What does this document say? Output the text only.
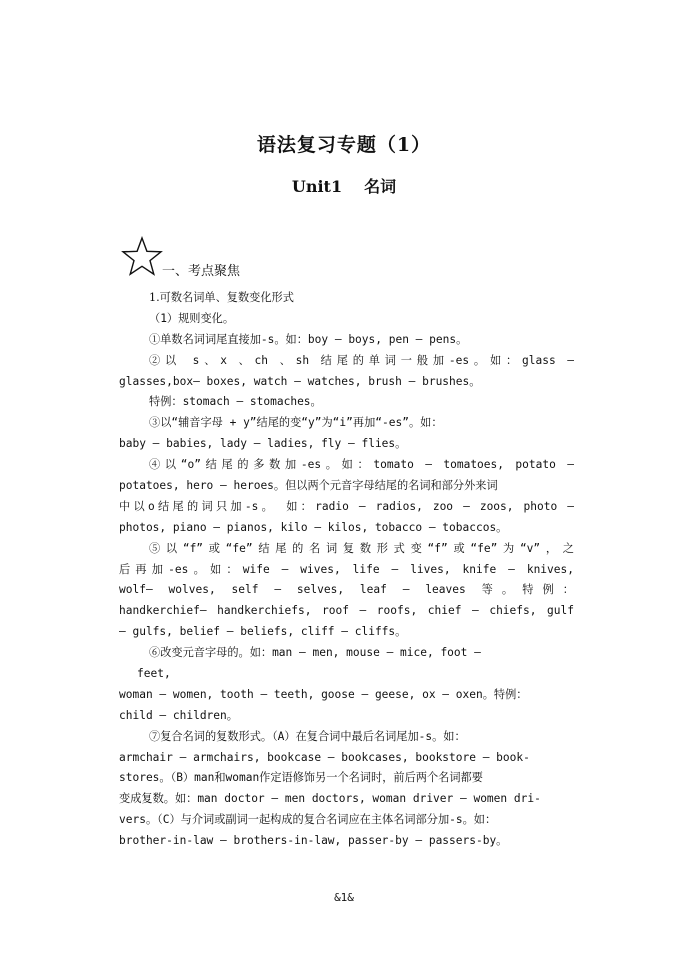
语法复习专题（1）
Unit1 名词
一、考点聚焦
1.可数名词单、复数变化形式
（1）规则变化。
①单数名词词尾直接加-s。如：boy — boys, pen — pens。
②以 s、x 、ch 、sh 结尾的单词一般加-es。如：glass —
glasses,box— boxes, watch — watches, brush — brushes。
特例：stomach — stomaches。
③以“辅音字母 + y”结尾的变“y”为“i”再加“-es”。如：
baby — babies, lady — ladies, fly — flies。
④以“o”结尾的多数加-es。如：tomato — tomatoes, potato —
potatoes, hero — heroes。但以两个元音字母结尾的名词和部分外来词
中以o结尾的词只加-s。 如：radio — radios, zoo — zoos, photo —
photos, piano — pianos, kilo — kilos, tobacco — tobaccos。
⑤以“f”或“fe”结尾的名词复数形式变“f”或“fe”为“v”，之
后再加-es。如：wife — wives, life — lives, knife — knives,
wolf— wolves, self — selves, leaf — leaves 等。特例：
handkerchief— handkerchiefs, roof — roofs, chief — chiefs, gulf
— gulfs, belief — beliefs, cliff — cliffs。
⑥改变元音字母的。如：man — men, mouse — mice, foot —
feet,
woman — women, tooth — teeth, goose — geese, ox — oxen。特例：
child — children。
⑦复合名词的复数形式。（A）在复合词中最后名词尾加-s。如：
armchair — armchairs, bookcase — bookcases, bookstore — book-
stores。（B）man和woman作定语修饰另一个名词时，前后两个名词都要
变成复数。如：man doctor — men doctors, woman driver — women dri-
vers。（C）与介词或副词一起构成的复合名词应在主体名词部分加-s。如：
brother-in-law — brothers-in-law, passer-by — passers-by。
&1&
